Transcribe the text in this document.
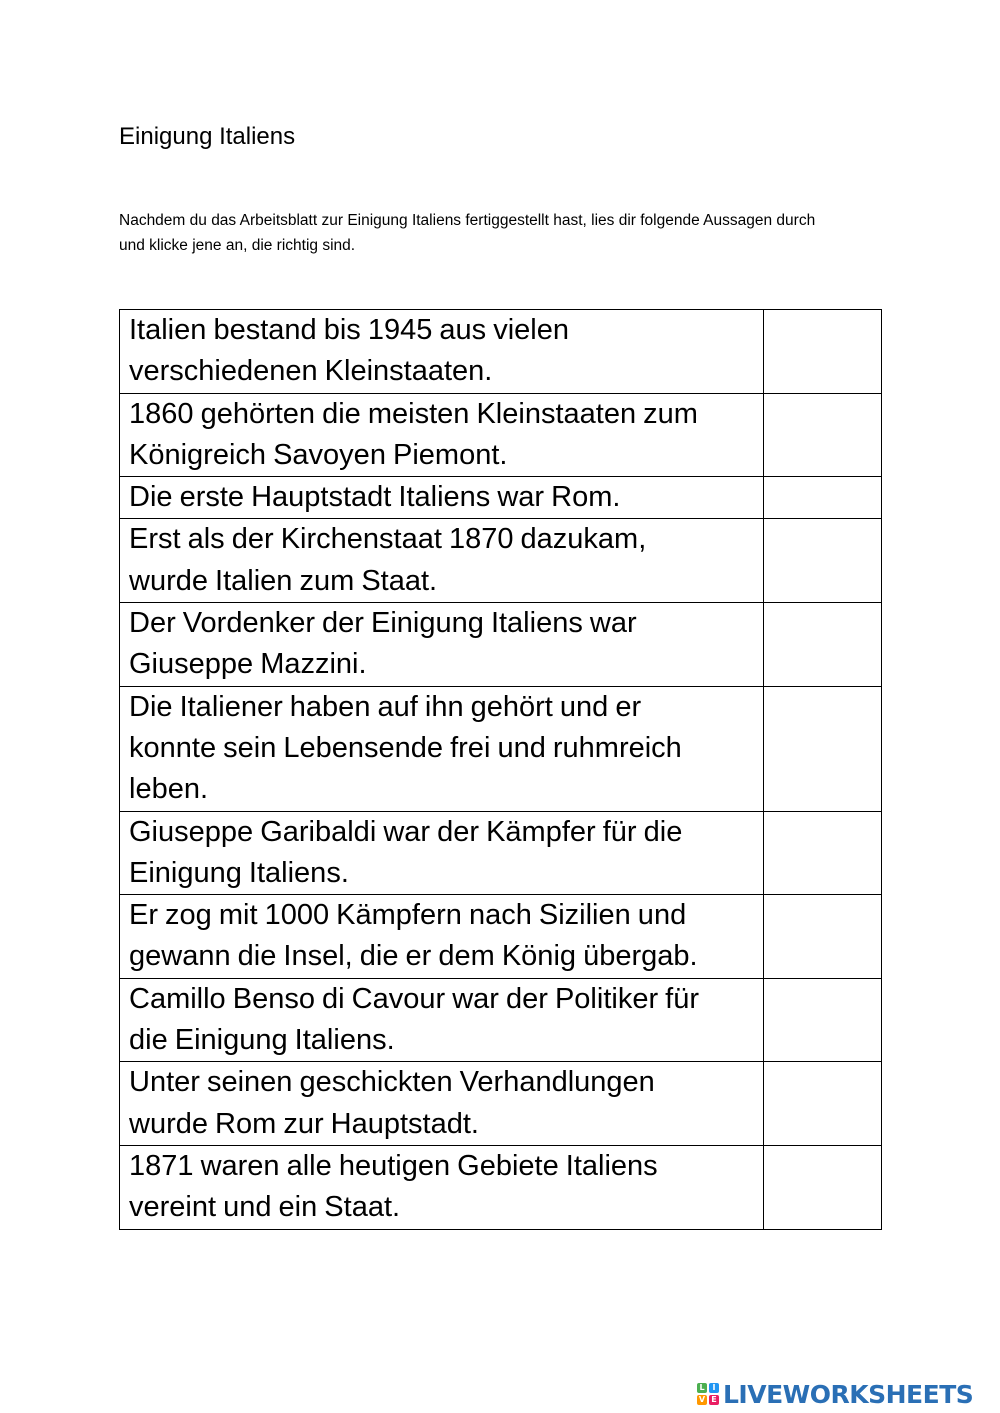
Einigung Italiens
Nachdem du das Arbeitsblatt zur Einigung Italiens fertiggestellt hast, lies dir folgende Aussagen durch
und klicke jene an, die richtig sind.
Italien bestand bis 1945 aus vielen
verschiedenen Kleinstaaten.	

1860 gehörten die meisten Kleinstaaten zum
Königreich Savoyen Piemont.	

Die erste Hauptstadt Italiens war Rom.	

Erst als der Kirchenstaat 1870 dazukam,
wurde Italien zum Staat.	

Der Vordenker der Einigung Italiens war
Giuseppe Mazzini.	

Die Italiener haben auf ihn gehört und er
konnte sein Lebensende frei und ruhmreich
leben.	

Giuseppe Garibaldi war der Kämpfer für die
Einigung Italiens.	

Er zog mit 1000 Kämpfern nach Sizilien und
gewann die Insel, die er dem König übergab.	

Camillo Benso di Cavour war der Politiker für
die Einigung Italiens.	

Unter seinen geschickten Verhandlungen
wurde Rom zur Hauptstadt.	

1871 waren alle heutigen Gebiete Italiens
vereint und ein Staat.	

L I
V E LIVEWORKSHEETS
